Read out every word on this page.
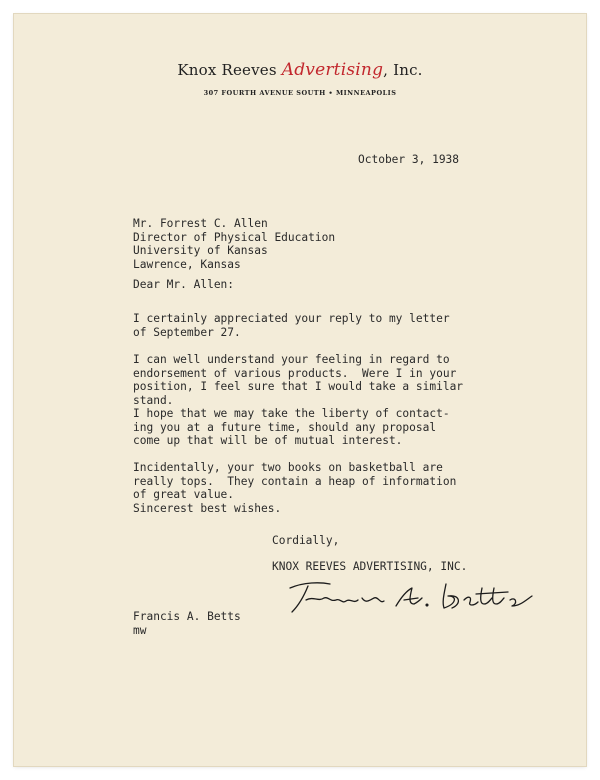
Knox Reeves Advertising, Inc.
307 FOURTH AVENUE SOUTH • MINNEAPOLIS

October 3, 1938

Mr. Forrest C. Allen
Director of Physical Education
University of Kansas
Lawrence, Kansas

Dear Mr. Allen:

I certainly appreciated your reply to my letter
of September 27.

I can well understand your feeling in regard to
endorsement of various products.  Were I in your
position, I feel sure that I would take a similar
stand.

I hope that we may take the liberty of contact-
ing you at a future time, should any proposal
come up that will be of mutual interest.

Incidentally, your two books on basketball are
really tops.  They contain a heap of information
of great value.

Sincerest best wishes.

Cordially,

KNOX REEVES ADVERTISING, INC.

Francis A. Betts

mw
